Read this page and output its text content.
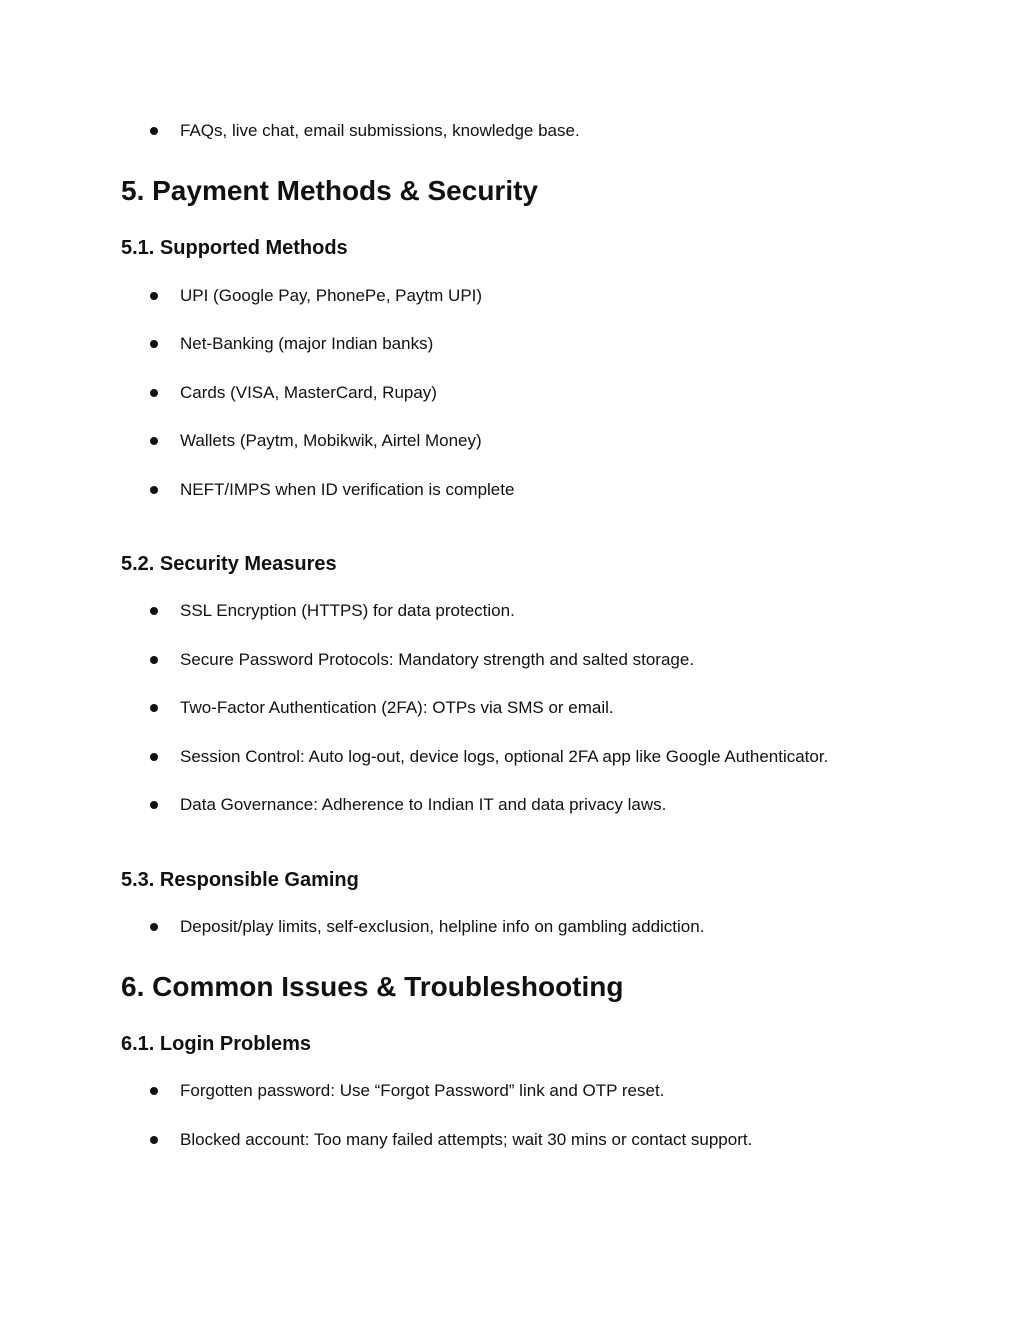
FAQs, live chat, email submissions, knowledge base.
5. Payment Methods & Security
5.1. Supported Methods
UPI (Google Pay, PhonePe, Paytm UPI)
Net-Banking (major Indian banks)
Cards (VISA, MasterCard, Rupay)
Wallets (Paytm, Mobikwik, Airtel Money)
NEFT/IMPS when ID verification is complete
5.2. Security Measures
SSL Encryption (HTTPS) for data protection.
Secure Password Protocols: Mandatory strength and salted storage.
Two-Factor Authentication (2FA): OTPs via SMS or email.
Session Control: Auto log-out, device logs, optional 2FA app like Google Authenticator.
Data Governance: Adherence to Indian IT and data privacy laws.
5.3. Responsible Gaming
Deposit/play limits, self-exclusion, helpline info on gambling addiction.
6. Common Issues & Troubleshooting
6.1. Login Problems
Forgotten password: Use “Forgot Password” link and OTP reset.
Blocked account: Too many failed attempts; wait 30 mins or contact support.
